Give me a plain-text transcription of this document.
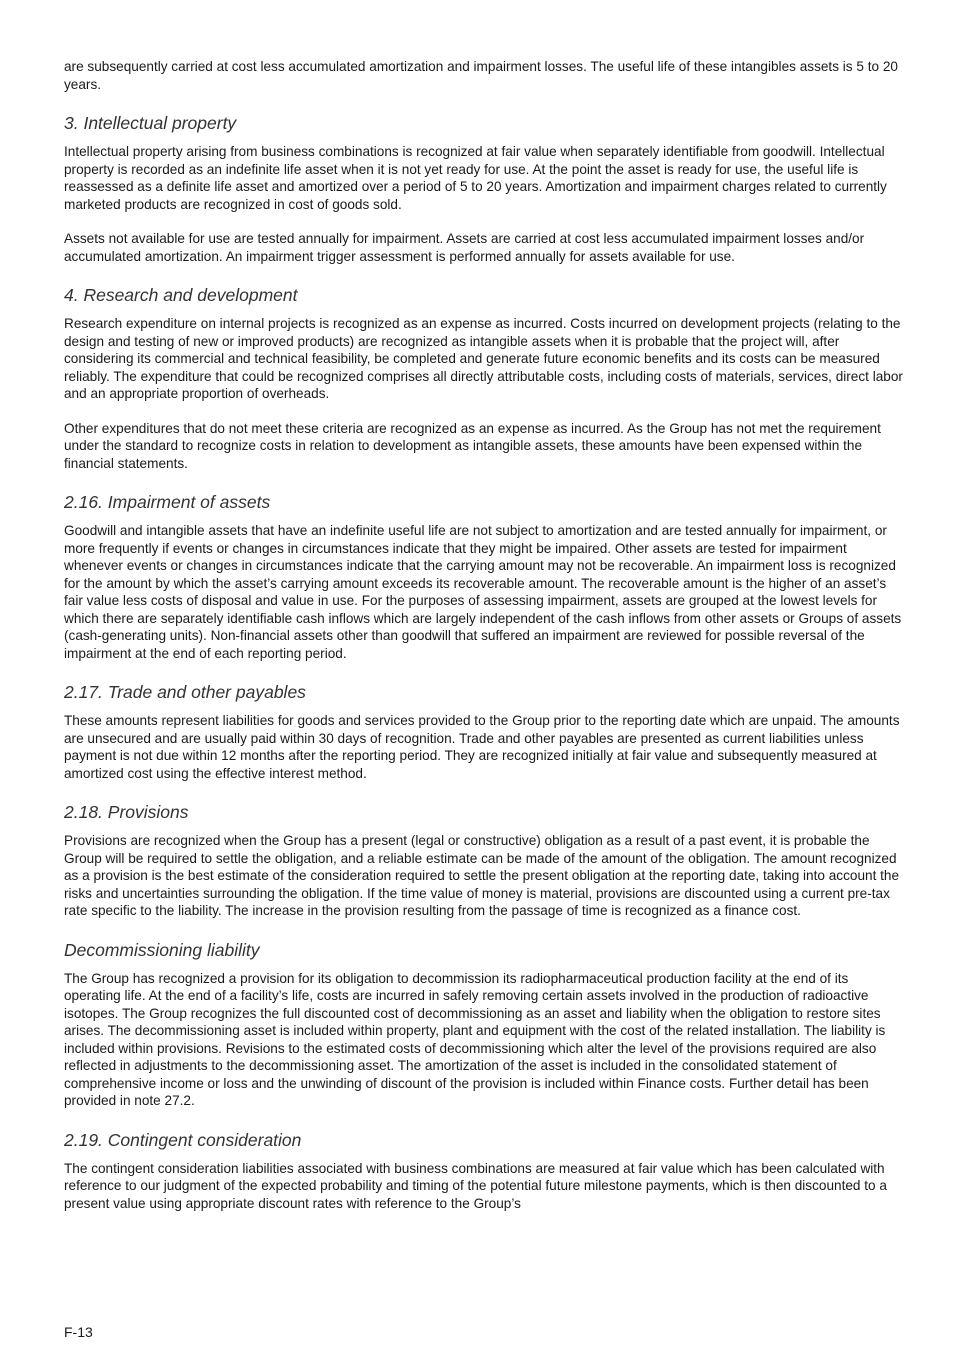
are subsequently carried at cost less accumulated amortization and impairment losses. The useful life of these intangibles assets is 5 to 20 years.

3. Intellectual property

Intellectual property arising from business combinations is recognized at fair value when separately identifiable from goodwill. Intellectual property is recorded as an indefinite life asset when it is not yet ready for use. At the point the asset is ready for use, the useful life is reassessed as a definite life asset and amortized over a period of 5 to 20 years. Amortization and impairment charges related to currently marketed products are recognized in cost of goods sold.

Assets not available for use are tested annually for impairment. Assets are carried at cost less accumulated impairment losses and/or accumulated amortization. An impairment trigger assessment is performed annually for assets available for use.

4. Research and development

Research expenditure on internal projects is recognized as an expense as incurred. Costs incurred on development projects (relating to the design and testing of new or improved products) are recognized as intangible assets when it is probable that the project will, after considering its commercial and technical feasibility, be completed and generate future economic benefits and its costs can be measured reliably. The expenditure that could be recognized comprises all directly attributable costs, including costs of materials, services, direct labor and an appropriate proportion of overheads.

Other expenditures that do not meet these criteria are recognized as an expense as incurred. As the Group has not met the requirement under the standard to recognize costs in relation to development as intangible assets, these amounts have been expensed within the financial statements.

2.16. Impairment of assets

Goodwill and intangible assets that have an indefinite useful life are not subject to amortization and are tested annually for impairment, or more frequently if events or changes in circumstances indicate that they might be impaired. Other assets are tested for impairment whenever events or changes in circumstances indicate that the carrying amount may not be recoverable. An impairment loss is recognized for the amount by which the asset’s carrying amount exceeds its recoverable amount. The recoverable amount is the higher of an asset’s fair value less costs of disposal and value in use. For the purposes of assessing impairment, assets are grouped at the lowest levels for which there are separately identifiable cash inflows which are largely independent of the cash inflows from other assets or Groups of assets (cash-generating units). Non-financial assets other than goodwill that suffered an impairment are reviewed for possible reversal of the impairment at the end of each reporting period.

2.17. Trade and other payables

These amounts represent liabilities for goods and services provided to the Group prior to the reporting date which are unpaid. The amounts are unsecured and are usually paid within 30 days of recognition. Trade and other payables are presented as current liabilities unless payment is not due within 12 months after the reporting period. They are recognized initially at fair value and subsequently measured at amortized cost using the effective interest method.

2.18. Provisions

Provisions are recognized when the Group has a present (legal or constructive) obligation as a result of a past event, it is probable the Group will be required to settle the obligation, and a reliable estimate can be made of the amount of the obligation. The amount recognized as a provision is the best estimate of the consideration required to settle the present obligation at the reporting date, taking into account the risks and uncertainties surrounding the obligation. If the time value of money is material, provisions are discounted using a current pre-tax rate specific to the liability. The increase in the provision resulting from the passage of time is recognized as a finance cost.

Decommissioning liability

The Group has recognized a provision for its obligation to decommission its radiopharmaceutical production facility at the end of its operating life. At the end of a facility’s life, costs are incurred in safely removing certain assets involved in the production of radioactive isotopes. The Group recognizes the full discounted cost of decommissioning as an asset and liability when the obligation to restore sites arises. The decommissioning asset is included within property, plant and equipment with the cost of the related installation. The liability is included within provisions. Revisions to the estimated costs of decommissioning which alter the level of the provisions required are also reflected in adjustments to the decommissioning asset. The amortization of the asset is included in the consolidated statement of comprehensive income or loss and the unwinding of discount of the provision is included within Finance costs. Further detail has been provided in note 27.2.

2.19. Contingent consideration

The contingent consideration liabilities associated with business combinations are measured at fair value which has been calculated with reference to our judgment of the expected probability and timing of the potential future milestone payments, which is then discounted to a present value using appropriate discount rates with reference to the Group’s

F-13
